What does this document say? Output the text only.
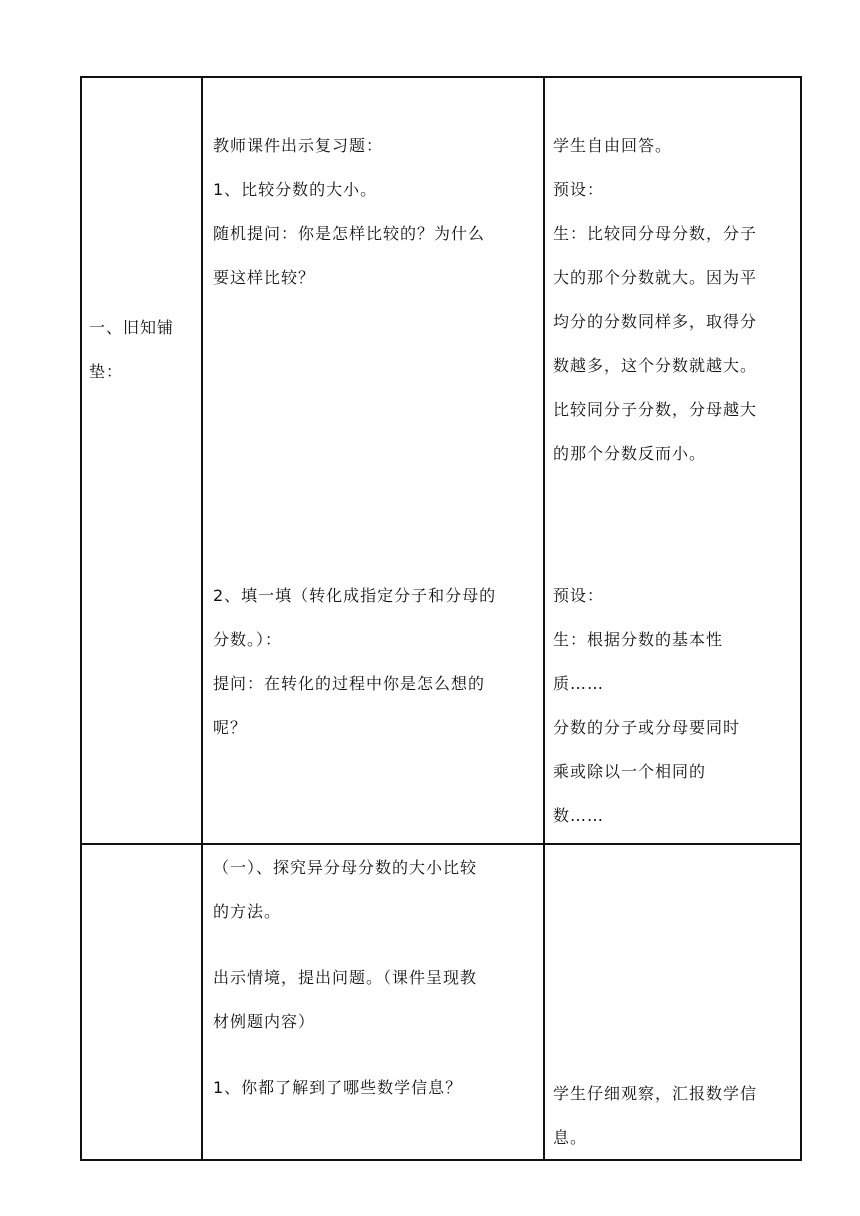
一、旧知铺

垫：

教师课件出示复习题：

1、比较分数的大小。

随机提问：你是怎样比较的？为什么

要这样比较？

学生自由回答。

预设：

生：比较同分母分数，分子

大的那个分数就大。因为平

均分的分数同样多，取得分

数越多，这个分数就越大。

比较同分子分数，分母越大

的那个分数反而小。

2、填一填（转化成指定分子和分母的

分数。）：

提问：在转化的过程中你是怎么想的

呢？

预设：

生：根据分数的基本性

质……

分数的分子或分母要同时

乘或除以一个相同的

数……

（一）、探究异分母分数的大小比较

的方法。

出示情境，提出问题。（课件呈现教

材例题内容）

1、你都了解到了哪些数学信息？	学生仔细观察，汇报数学信

息。
